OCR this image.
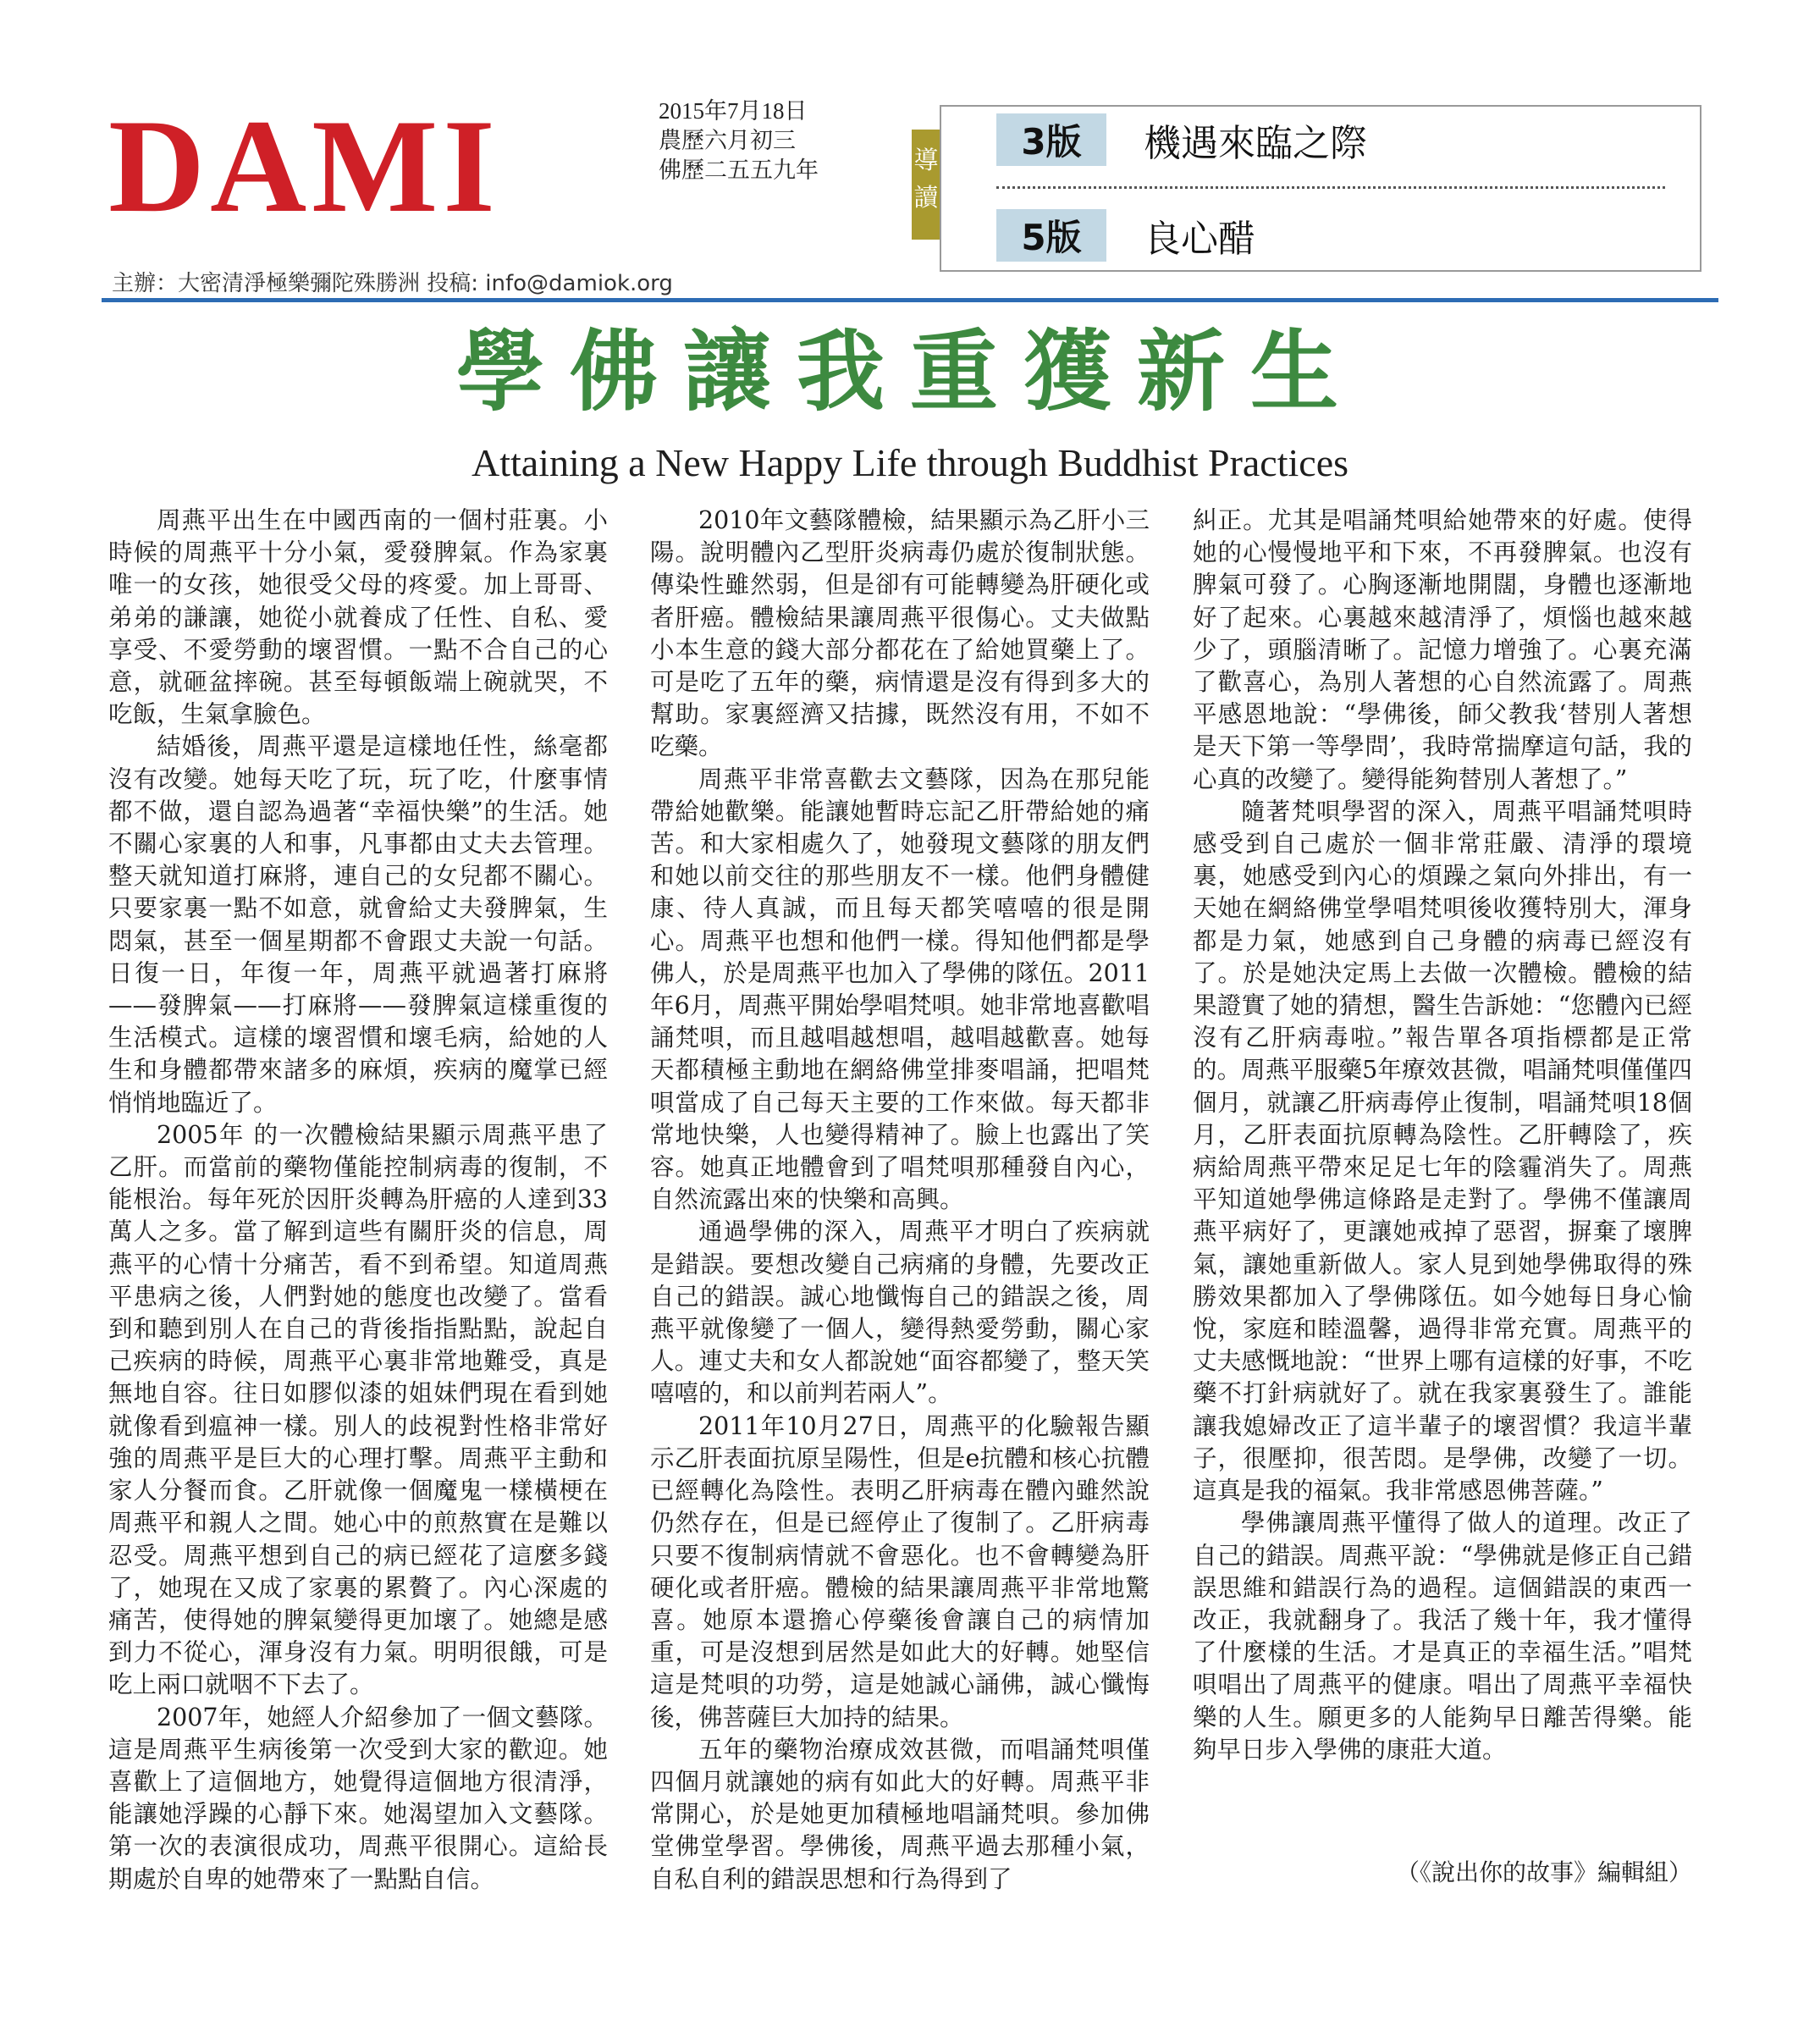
DAMI	2015年7月18日
農歷六月初三
佛歷二五五九年	導讀
3版	機遇來臨之際
5版	良心醋
主辦：大密清淨極樂彌陀殊勝洲 投稿: info@damiok.org
學佛讓我重獲新生
Attaining a New Happy Life through Buddhist Practices

周燕平出生在中國西南的一個村莊裏。小時候的周燕平十分小氣，愛發脾氣。作為家裏唯一的女孩，她很受父母的疼愛。加上哥哥、弟弟的謙讓，她從小就養成了任性、自私、愛享受、不愛勞動的壞習慣。一點不合自己的心意，就砸盆摔碗。甚至每頓飯端上碗就哭，不吃飯，生氣拿臉色。

結婚後，周燕平還是這樣地任性，絲毫都沒有改變。她每天吃了玩，玩了吃，什麼事情都不做，還自認為過著“幸福快樂”的生活。她不關心家裏的人和事，凡事都由丈夫去管理。整天就知道打麻將，連自己的女兒都不關心。只要家裏一點不如意，就會給丈夫發脾氣，生悶氣，甚至一個星期都不會跟丈夫說一句話。日復一日，年復一年，周燕平就過著打麻將——發脾氣——打麻將——發脾氣這樣重復的生活模式。這樣的壞習慣和壞毛病，給她的人生和身體都帶來諸多的麻煩，疾病的魔掌已經悄悄地臨近了。

2005年 的一次體檢結果顯示周燕平患了乙肝。而當前的藥物僅能控制病毒的復制，不能根治。每年死於因肝炎轉為肝癌的人達到33萬人之多。當了解到這些有關肝炎的信息，周燕平的心情十分痛苦，看不到希望。知道周燕平患病之後，人們對她的態度也改變了。當看到和聽到別人在自己的背後指指點點，說起自己疾病的時候，周燕平心裏非常地難受，真是無地自容。往日如膠似漆的姐妹們現在看到她就像看到瘟神一樣。別人的歧視對性格非常好強的周燕平是巨大的心理打擊。周燕平主動和家人分餐而食。乙肝就像一個魔鬼一樣橫梗在周燕平和親人之間。她心中的煎熬實在是難以忍受。周燕平想到自己的病已經花了這麼多錢了，她現在又成了家裏的累贅了。內心深處的痛苦，使得她的脾氣變得更加壞了。她總是感到力不從心，渾身沒有力氣。明明很餓，可是吃上兩口就咽不下去了。

2007年，她經人介紹參加了一個文藝隊。這是周燕平生病後第一次受到大家的歡迎。她喜歡上了這個地方，她覺得這個地方很清淨，能讓她浮躁的心靜下來。她渴望加入文藝隊。第一次的表演很成功，周燕平很開心。這給長期處於自卑的她帶來了一點點自信。

2010年文藝隊體檢，結果顯示為乙肝小三陽。說明體內乙型肝炎病毒仍處於復制狀態。傳染性雖然弱，但是卻有可能轉變為肝硬化或者肝癌。體檢結果讓周燕平很傷心。丈夫做點小本生意的錢大部分都花在了給她買藥上了。可是吃了五年的藥，病情還是沒有得到多大的幫助。家裏經濟又拮據，既然沒有用，不如不吃藥。

周燕平非常喜歡去文藝隊，因為在那兒能帶給她歡樂。能讓她暫時忘記乙肝帶給她的痛苦。和大家相處久了，她發現文藝隊的朋友們和她以前交往的那些朋友不一樣。他們身體健康、待人真誠，而且每天都笑嘻嘻的很是開心。周燕平也想和他們一樣。得知他們都是學佛人，於是周燕平也加入了學佛的隊伍。2011年6月，周燕平開始學唱梵唄。她非常地喜歡唱誦梵唄，而且越唱越想唱，越唱越歡喜。她每天都積極主動地在網絡佛堂排麥唱誦，把唱梵唄當成了自己每天主要的工作來做。每天都非常地快樂，人也變得精神了。臉上也露出了笑容。她真正地體會到了唱梵唄那種發自內心，自然流露出來的快樂和高興。

通過學佛的深入，周燕平才明白了疾病就是錯誤。要想改變自己病痛的身體，先要改正自己的錯誤。誠心地懺悔自己的錯誤之後，周燕平就像變了一個人，變得熱愛勞動，關心家人。連丈夫和女人都說她“面容都變了，整天笑嘻嘻的，和以前判若兩人”。

2011年10月27日，周燕平的化驗報告顯示乙肝表面抗原呈陽性，但是e抗體和核心抗體已經轉化為陰性。表明乙肝病毒在體內雖然說仍然存在，但是已經停止了復制了。乙肝病毒只要不復制病情就不會惡化。也不會轉變為肝硬化或者肝癌。體檢的結果讓周燕平非常地驚喜。她原本還擔心停藥後會讓自己的病情加重，可是沒想到居然是如此大的好轉。她堅信這是梵唄的功勞，這是她誠心誦佛，誠心懺悔後，佛菩薩巨大加持的結果。

五年的藥物治療成效甚微，而唱誦梵唄僅四個月就讓她的病有如此大的好轉。周燕平非常開心，於是她更加積極地唱誦梵唄。參加佛堂佛堂學習。學佛後，周燕平過去那種小氣，自私自利的錯誤思想和行為得到了

糾正。尤其是唱誦梵唄給她帶來的好處。使得她的心慢慢地平和下來，不再發脾氣。也沒有脾氣可發了。心胸逐漸地開闊，身體也逐漸地好了起來。心裏越來越清淨了，煩惱也越來越少了，頭腦清晰了。記憶力增強了。心裏充滿了歡喜心，為別人著想的心自然流露了。周燕平感恩地說：“學佛後，師父教我‘替別人著想是天下第一等學問’，我時常揣摩這句話，我的心真的改變了。變得能夠替別人著想了。”

隨著梵唄學習的深入，周燕平唱誦梵唄時感受到自己處於一個非常莊嚴、清淨的環境裏，她感受到內心的煩躁之氣向外排出，有一天她在網絡佛堂學唱梵唄後收獲特別大，渾身都是力氣，她感到自己身體的病毒已經沒有了。於是她決定馬上去做一次體檢。體檢的結果證實了她的猜想，醫生告訴她：“您體內已經沒有乙肝病毒啦。”報告單各項指標都是正常的。周燕平服藥5年療效甚微，唱誦梵唄僅僅四個月，就讓乙肝病毒停止復制，唱誦梵唄18個月，乙肝表面抗原轉為陰性。乙肝轉陰了，疾病給周燕平帶來足足七年的陰霾消失了。周燕平知道她學佛這條路是走對了。學佛不僅讓周燕平病好了，更讓她戒掉了惡習，摒棄了壞脾氣，讓她重新做人。家人見到她學佛取得的殊勝效果都加入了學佛隊伍。如今她每日身心愉悅，家庭和睦溫馨，過得非常充實。周燕平的丈夫感慨地說：“世界上哪有這樣的好事，不吃藥不打針病就好了。就在我家裏發生了。誰能讓我媳婦改正了這半輩子的壞習慣？我這半輩子，很壓抑，很苦悶。是學佛，改變了一切。這真是我的福氣。我非常感恩佛菩薩。”

學佛讓周燕平懂得了做人的道理。改正了自己的錯誤。周燕平說：“學佛就是修正自己錯誤思維和錯誤行為的過程。這個錯誤的東西一改正，我就翻身了。我活了幾十年，我才懂得了什麼樣的生活。才是真正的幸福生活。”唱梵唄唱出了周燕平的健康。唱出了周燕平幸福快樂的人生。願更多的人能夠早日離苦得樂。能夠早日步入學佛的康莊大道。

（《說出你的故事》編輯組）
